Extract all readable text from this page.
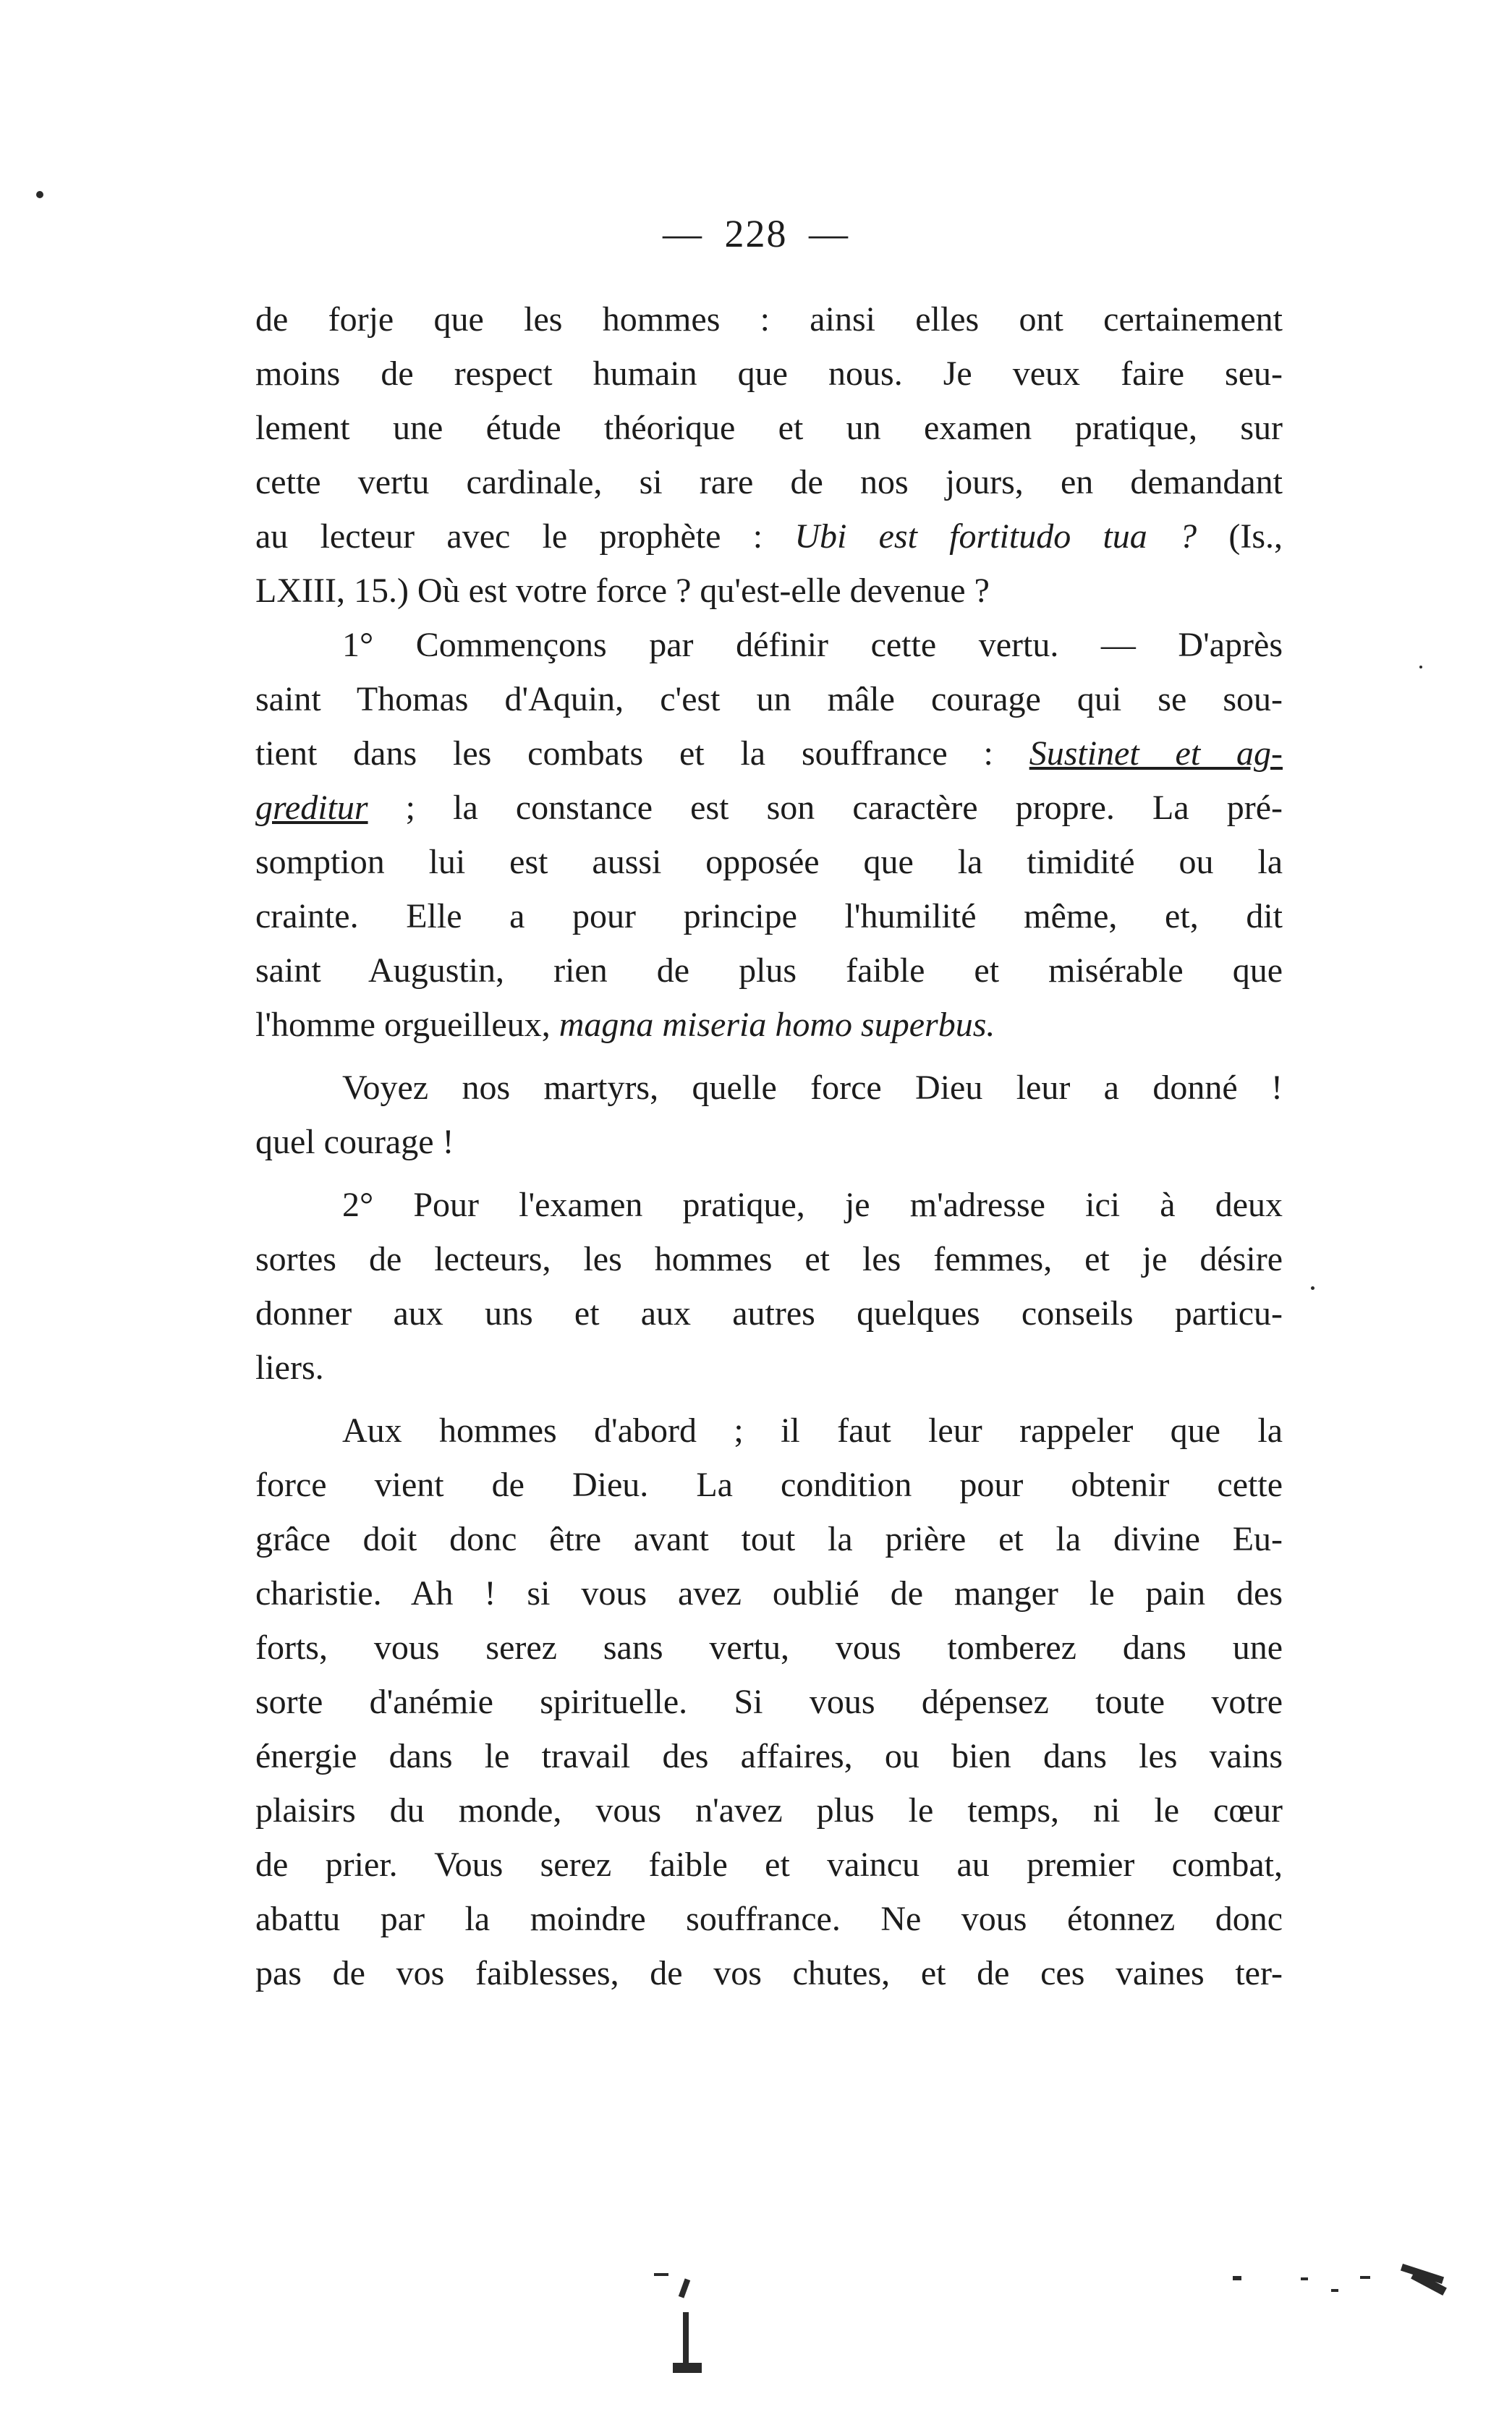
— 228 —
de forje que les hommes : ainsi elles ont certainement
moins de respect humain que nous. Je veux faire seu-
lement une étude théorique et un examen pratique, sur
cette vertu cardinale, si rare de nos jours, en demandant
au lecteur avec le prophète : Ubi est fortitudo tua ? (Is.,
LXIII, 15.) Où est votre force ? qu'est-elle devenue ?
1° Commençons par définir cette vertu. — D'après
saint Thomas d'Aquin, c'est un mâle courage qui se sou-
tient dans les combats et la souffrance : Sustinet et ag-
greditur ; la constance est son caractère propre. La pré-
somption lui est aussi opposée que la timidité ou la
crainte. Elle a pour principe l'humilité même, et, dit
saint Augustin, rien de plus faible et misérable que
l'homme orgueilleux, magna miseria homo superbus.
Voyez nos martyrs, quelle force Dieu leur a donné !
quel courage !
2° Pour l'examen pratique, je m'adresse ici à deux
sortes de lecteurs, les hommes et les femmes, et je désire
donner aux uns et aux autres quelques conseils particu-
liers.
Aux hommes d'abord ; il faut leur rappeler que la
force vient de Dieu. La condition pour obtenir cette
grâce doit donc être avant tout la prière et la divine Eu-
charistie. Ah ! si vous avez oublié de manger le pain des
forts, vous serez sans vertu, vous tomberez dans une
sorte d'anémie spirituelle. Si vous dépensez toute votre
énergie dans le travail des affaires, ou bien dans les vains
plaisirs du monde, vous n'avez plus le temps, ni le cœur
de prier. Vous serez faible et vaincu au premier combat,
abattu par la moindre souffrance. Ne vous étonnez donc
pas de vos faiblesses, de vos chutes, et de ces vaines ter-
